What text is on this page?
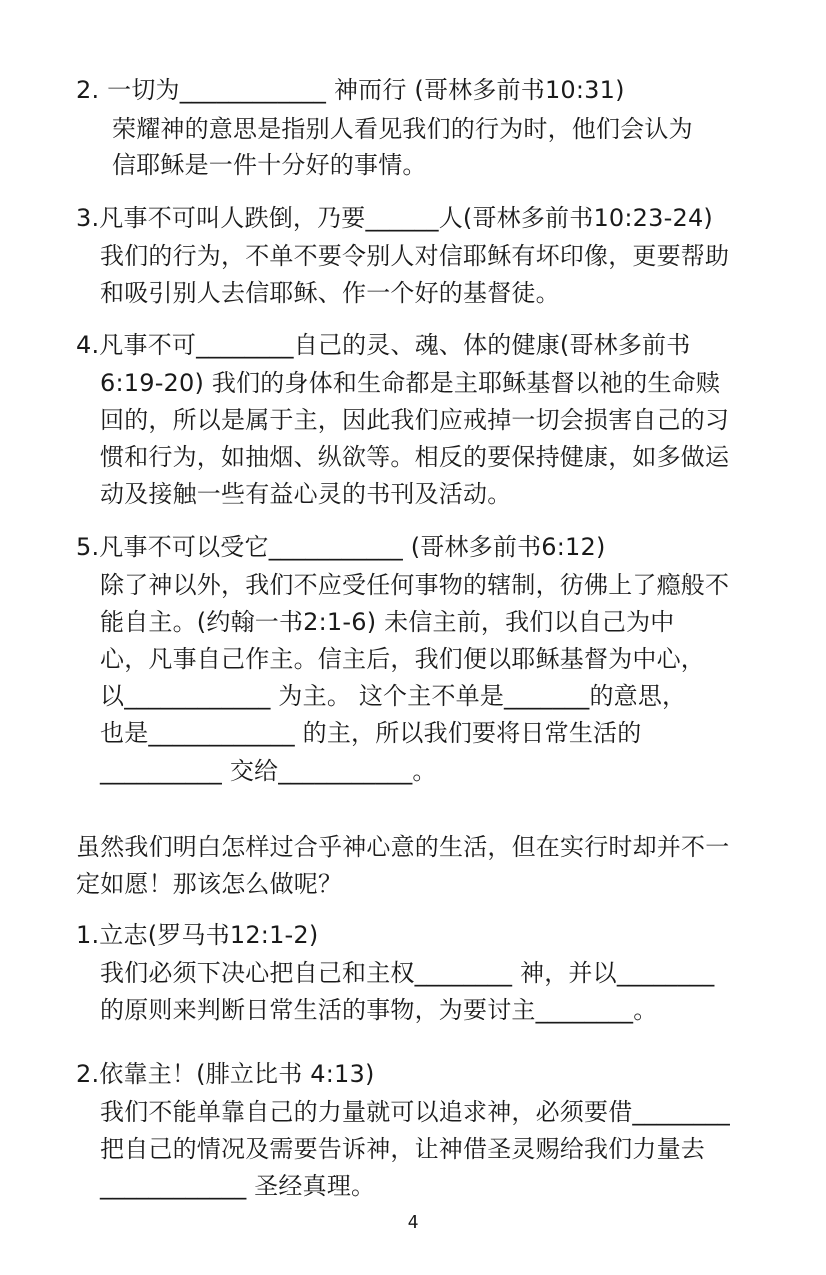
2. 一切为____________ 神而行 (哥林多前书10:31)
荣耀神的意思是指别人看见我们的行为时，他们会认为
信耶稣是一件十分好的事情。
3.凡事不可叫人跌倒，乃要______人(哥林多前书10:23-24)
我们的行为，不单不要令别人对信耶稣有坏印像，更要帮助
和吸引别人去信耶稣、作一个好的基督徒。
4.凡事不可________自己的灵、魂、体的健康(哥林多前书
6:19-20) 我们的身体和生命都是主耶稣基督以祂的生命赎
回的，所以是属于主，因此我们应戒掉一切会损害自己的习
惯和行为，如抽烟、纵欲等。相反的要保持健康，如多做运
动及接触一些有益心灵的书刊及活动。
5.凡事不可以受它___________ (哥林多前书6:12)
除了神以外，我们不应受任何事物的辖制，彷佛上了瘾般不
能自主。(约翰一书2:1-6) 未信主前，我们以自己为中
心，凡事自己作主。信主后，我们便以耶稣基督为中心，
以____________ 为主。 这个主不单是_______的意思，
也是____________ 的主，所以我们要将日常生活的
__________ 交给___________。
虽然我们明白怎样过合乎神心意的生活，但在实行时却并不一
定如愿！那该怎么做呢？
1.立志(罗马书12:1-2)
我们必须下决心把自己和主权________ 神，并以________
的原则来判断日常生活的事物，为要讨主________。
2.依靠主！(腓立比书 4:13)
我们不能单靠自己的力量就可以追求神，必须要借________
把自己的情况及需要告诉神，让神借圣灵赐给我们力量去
____________ 圣经真理。
4
